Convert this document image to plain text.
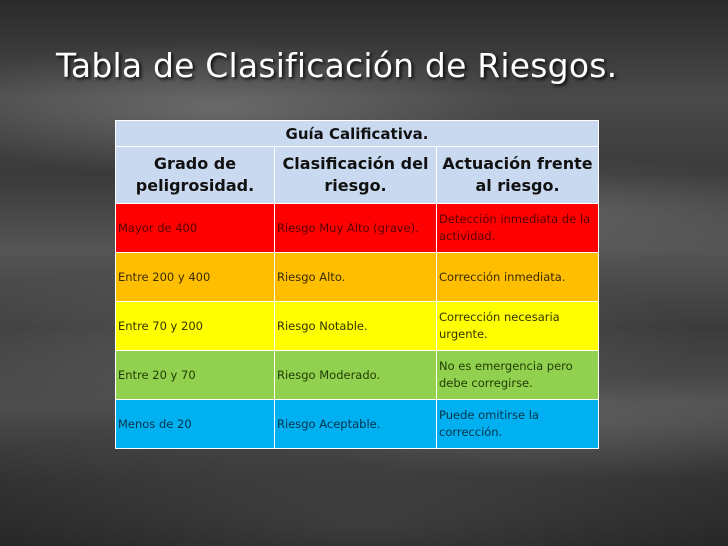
Tabla de Clasificación de Riesgos.
Guía Calificativa.		
Grado de peligrosidad.	Clasificación del riesgo.	Actuación frente al riesgo.
Mayor de 400	Riesgo Muy Alto (grave).	Detección inmediata de la actividad.
Entre 200 y 400	Riesgo Alto.	Corrección inmediata.
Entre 70 y 200	Riesgo Notable.	Corrección necesaria urgente.
Entre 20 y 70	Riesgo Moderado.	No es emergencia pero debe corregirse.
Menos de 20	Riesgo Aceptable.	Puede omitirse la corrección.
